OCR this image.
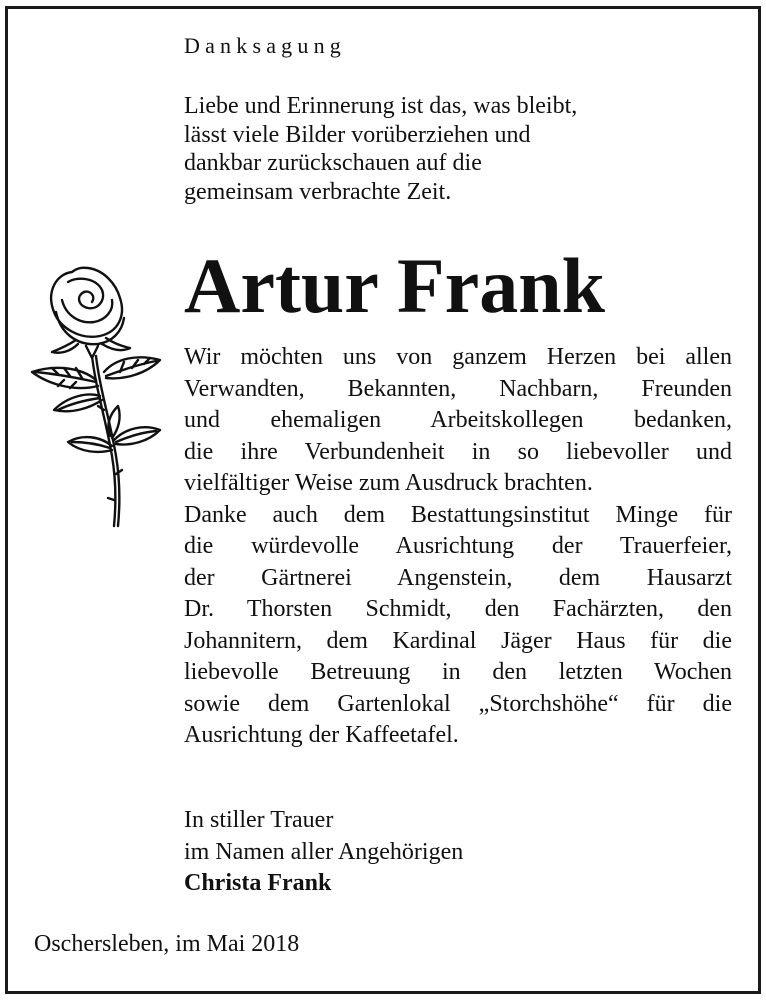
Danksagung
Liebe und Erinnerung ist das, was bleibt,
lässt viele Bilder vorüberziehen und
dankbar zurückschauen auf die
gemeinsam verbrachte Zeit.
Artur Frank
Wir möchten uns von ganzem Herzen bei allen
Verwandten, Bekannten, Nachbarn, Freunden
und ehemaligen Arbeitskollegen bedanken,
die ihre Verbundenheit in so liebevoller und
vielfältiger Weise zum Ausdruck brachten.
Danke auch dem Bestattungsinstitut Minge für
die würdevolle Ausrichtung der Trauerfeier,
der Gärtnerei Angenstein, dem Hausarzt
Dr. Thorsten Schmidt, den Fachärzten, den
Johannitern, dem Kardinal Jäger Haus für die
liebevolle Betreuung in den letzten Wochen
sowie dem Gartenlokal „Storchshöhe“ für die
Ausrichtung der Kaffeetafel.
In stiller Trauer
im Namen aller Angehörigen
Christa Frank
Oschersleben, im Mai 2018
